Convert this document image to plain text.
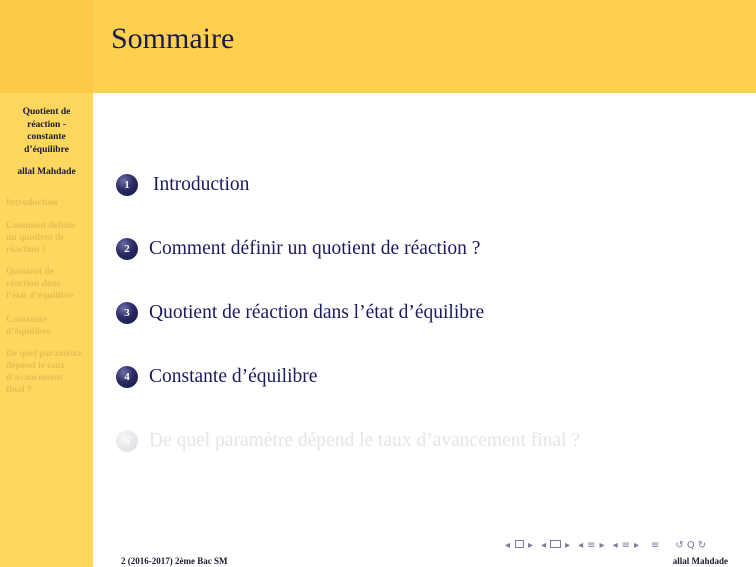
Sommaire
Quotient de
réaction -
constante
d’équilibre
allal Mahdade
Introduction
Comment définir
un quotient de
réaction ?
Quotient de
réaction dans
l’état d’équilibre
Constante
d’équilibre
De quel paramètre
dépend le taux
d’avancement
final ?
1	Introduction
2 Comment définir un quotient de réaction ?
3 Quotient de réaction dans l’état d’équilibre
4 Constante d’équilibre
5 De quel paramètre dépend le taux d’avancement final ?
◂ ▸ ◂ ▸ ◂ ≡ ▸ ◂ ≡ ▸ ≡ ↺ Q ↻
2 (2016-2017) 2ème Bac SM	allal Mahdade
